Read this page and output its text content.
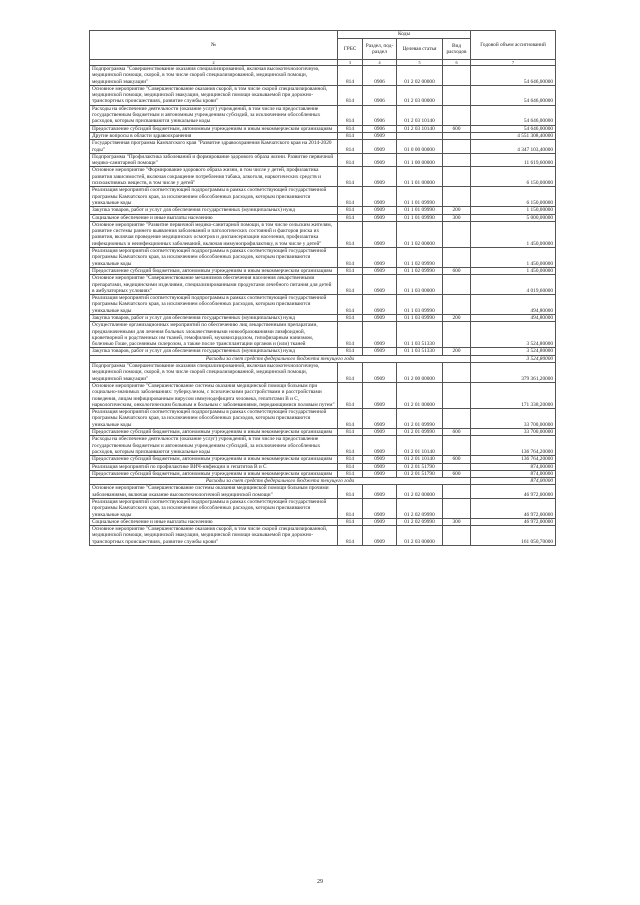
№	Коды				Годовой объем ассигнований
	ГРБС	Раздел, под-раздел	Целевая статья	Вид расходов	
2	3	4	5	6	7
Подпрограмма "Совершенствование оказания специализированной, включая высокотехнологичную, медицинской помощи, скорой, в том числе скорой специализированной, медицинской помощи, медицинской эвакуации"	814	0906	01 2 02 00000		54 646,00000
Основное мероприятие "Совершенствование оказания скорой, в том числе скорой специализированной, медицинской помощи, медицинской эвакуации, медицинской помощи оказываемой при дорожно-транспортных происшествиях, развитие службы крови"	814	0906	01 2 03 00000		54 646,00000
Расходы на обеспечение деятельности (оказание услуг) учреждений, в том числе на предоставление государственным бюджетным и автономным учреждениям субсидий, за исключением обособленных расходов, которым присваиваются уникальные коды	814	0906	01 2 03 10140		54 646,00000
Предоставление субсидий бюджетным, автономным учреждениям и иным некоммерческим организациям	814	0906	01 2 03 10140	600	54 646,00000
Другие вопросы в области здравоохранения	814	0909			4 551 308,40000
Государственная программа Камчатского края "Развитие здравоохранения Камчатского края на 2014-2020 годы"	814	0909	01 0 00 00000		4 347 103,40000
Подпрограмма "Профилактика заболеваний и формирование здорового образа жизни. Развитие первичной медико-санитарной помощи"	814	0909	01 1 00 00000		11 619,60000
Основное мероприятие "Формирование здорового образа жизни, в том числе у детей, профилактика развития зависимостей, включая сокращение потребления табака, алкоголя, наркотических средств и психоактивных веществ, в том числе у детей"	814	0909	01 1 01 00000		6 150,00000
Реализация мероприятий соответствующей подпрограммы в рамках соответствующей государственной программы Камчатского края, за исключением обособленных расходов, которым присваиваются уникальные коды	814	0909	01 1 01 09990		6 150,00000
Закупка товаров, работ и услуг для обеспечения государственных (муниципальных) нужд	814	0909	01 1 01 09990	200	1 150,00000
Социальное обеспечение и иные выплаты населению	814	0909	01 1 01 09990	300	5 000,00000
Основное мероприятие "Развитие первичной медико-санитарной помощи, в том числе сельским жителям, развитие системы раннего выявления заболеваний и патологических состояний и факторов риска их развития, включая проведение медицинских осмотров и диспансеризации населения, профилактика инфекционных и неинфекционных заболеваний, включая иммунопрофилактику, в том числе у детей"	814	0909	01 1 02 00000		1 450,00000
Реализация мероприятий соответствующей подпрограммы в рамках соответствующей государственной программы Камчатского края, за исключением обособленных расходов, которым присваиваются уникальные коды	814	0909	01 1 02 09990		1 450,00000
Предоставление субсидий бюджетным, автономным учреждениям и иным некоммерческим организациям	814	0909	01 1 02 09990	600	1 450,00000
Основное мероприятие "Совершенствование механизмов обеспечения населения лекарственными препаратами, медицинскими изделиями, специализированными продуктами лечебного питания для детей в амбулаторных условиях"	814	0909	01 1 03 00000		4 019,60000
Реализация мероприятий соответствующей подпрограммы в рамках соответствующей государственной программы Камчатского края, за исключением обособленных расходов, которым присваиваются уникальные коды	814	0909	01 1 03 09990		494,80000
Закупка товаров, работ и услуг для обеспечения государственных (муниципальных) нужд	814	0909	01 1 03 09990	200	494,80000
Осуществление организационных мероприятий по обеспечению лиц лекарственными препаратами, предназначенными для лечения больных злокачественными новообразованиями лимфоидной, кроветворной и родственных им тканей, гемофилией, муковисцидозом, гипофизарным нанизмом, болезнью Гоше, рассеянным склерозом, а также после трансплантации органов и (или) тканей	814	0909	01 1 03 51330		3 524,80000
Закупка товаров, работ и услуг для обеспечения государственных (муниципальных) нужд	814	0909	01 1 03 51330	200	3 524,80000
Расходы за счет средств федерального бюджета текущего года					3 524,80000
Подпрограмма "Совершенствование оказания специализированной, включая высокотехнологичную, медицинской помощи, скорой, в том числе скорой специализированной, медицинской помощи, медицинской эвакуации"	814	0909	01 2 00 00000		379 361,20000
Основное мероприятие "Совершенствование системы оказания медицинской помощи больным при социально-значимых заболеваниях: туберкулезом, с психическими расстройствами и расстройствами поведения, лицам инфицированным вирусом иммунодефицита человека, гепатитами В и С, наркологическим, онкологическим больным и больным с заболеваниями, передающимися половым путем"	814	0909	01 2 01 00000		171 338,20000
Реализация мероприятий соответствующей подпрограммы в рамках соответствующей государственной программы Камчатского края, за исключением обособленных расходов, которым присваиваются уникальные коды	814	0909	01 2 01 09990		33 700,00000
Предоставление субсидий бюджетным, автономным учреждениям и иным некоммерческим организациям	814	0909	01 2 01 09990	600	33 700,00000
Расходы на обеспечение деятельности (оказание услуг) учреждений, в том числе на предоставление государственным бюджетным и автономным учреждениям субсидий, за исключением обособленных расходов, которым присваиваются уникальные коды	814	0909	01 2 01 10140		136 764,20000
Предоставление субсидий бюджетным, автономным учреждениям и иным некоммерческим организациям	814	0909	01 2 01 10140	600	136 764,20000
Реализация мероприятий по профилактике ВИЧ-инфекции и гепатитов В и С	814	0909	01 2 01 51790		874,00000
Предоставление субсидий бюджетным, автономным учреждениям и иным некоммерческим организациям	814	0909	01 2 01 51790	600	874,00000
Расходы за счет средств федерального бюджета текущего года					874,00000
Основное мероприятие "Совершенствование системы оказания медицинской помощи больным прочими заболеваниями, включая оказание высокотехнологичной медицинской помощи"	814	0909	01 2 02 00000		46 972,00000
Реализация мероприятий соответствующей подпрограммы в рамках соответствующей государственной программы Камчатского края, за исключением обособленных расходов, которым присваиваются уникальные коды	814	0909	01 2 02 09990		46 972,00000
Социальное обеспечение и иные выплаты населению	814	0909	01 2 02 09990	300	46 972,00000
Основное мероприятие "Совершенствование оказания скорой, в том числе скорой специализированной, медицинской помощи, медицинской эвакуации, медицинской помощи оказываемой при дорожно-транспортных происшествиях, развитие службы крови"	814	0909	01 2 03 00000		161 050,70000
29
